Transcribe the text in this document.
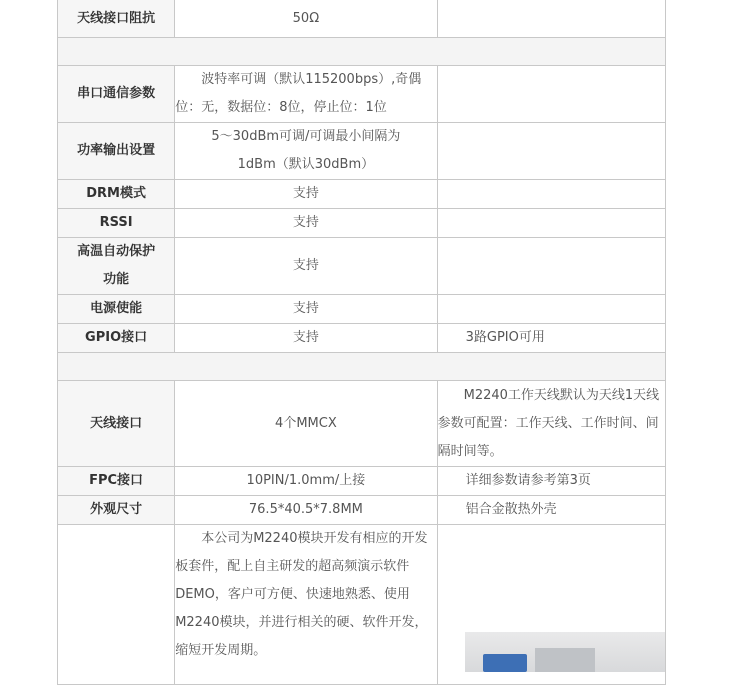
天线接口阻抗	50Ω	

串口通信参数	波特率可调（默认115200bps）,奇偶位：无，数据位：8位，停止位：1位	

功率输出设置	5～30dBm可调/可调最小间隔为1dBm（默认30dBm）	
DRM模式	支持	
RSSI	支持	
高温自动保护功能	支持	
电源使能	支持	
GPIO接口	支持	3路GPIO可用

天线接口	4个MMCX	M2240工作天线默认为天线1天线参数可配置：工作天线、工作时间、间隔时间等。

FPC接口	10PIN/1.0mm/上接	详细参数请参考第3页
外观尺寸	76.5*40.5*7.8MM	铝合金散热外壳

	本公司为M2240模块开发有相应的开发板套件，配上自主研发的超高频演示软件DEMO，客户可方便、快速地熟悉、使用M2240模块，并进行相关的硬、软件开发，缩短开发周期。	
